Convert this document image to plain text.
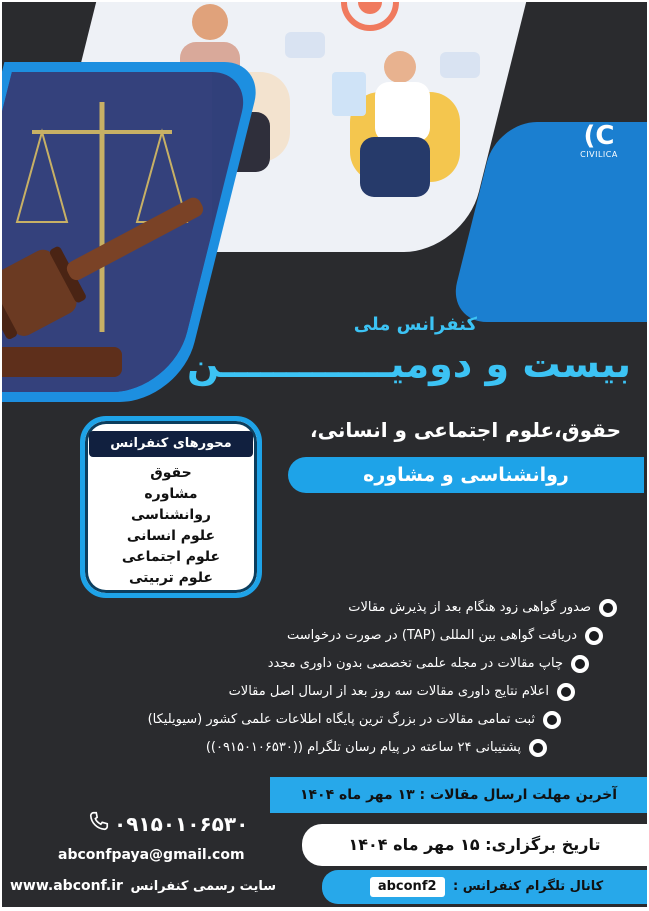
(C
CIVILICA
کنفرانس ملی
بیست و دومیـــــــــــــن
حقوق،علوم اجتماعی و انسانی،
روانشناسی و مشاوره
محورهای کنفرانس
حقوق
مشاوره
روانشناسی
علوم انسانی
علوم اجتماعی
علوم تربیتی
صدور گواهی زود هنگام بعد از پذیرش مقالات
دریافت گواهی بین المللی (TAP) در صورت درخواست
چاپ مقالات در مجله علمی تخصصی بدون داوری مجدد
اعلام نتایج داوری مقالات سه روز بعد از ارسال اصل مقالات
ثبت تمامی مقالات در بزرگ ترین پایگاه اطلاعات علمی کشور (سیویلیکا)
پشتیبانی ۲۴ ساعته در پیام رسان تلگرام ((۰۹۱۵۰۱۰۶۵۳۰))
آخرین مهلت ارسال مقالات : ۱۳ مهر ماه ۱۴۰۴
تاریخ برگزاری: ۱۵ مهر ماه ۱۴۰۴
کانال تلگرام کنفرانس : abconf2
۰۹۱۵۰۱۰۶۵۳۰
abconfpaya@gmail.com
www.abconf.ir سایت رسمی کنفرانس
